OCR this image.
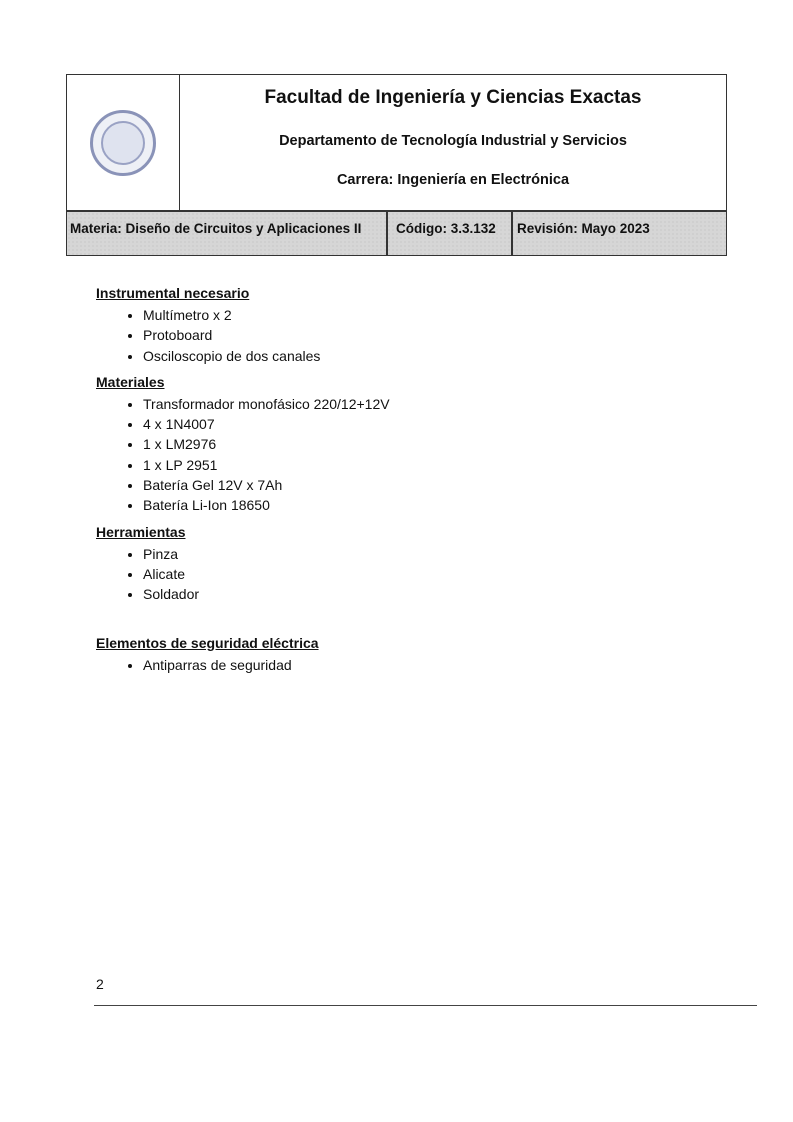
Facultad de Ingeniería y Ciencias Exactas
Departamento de Tecnología Industrial y Servicios
Carrera: Ingeniería en Electrónica
Materia: Diseño de Circuitos y Aplicaciones II	Código: 3.3.132	Revisión: Mayo 2023
Instrumental necesario
• Multímetro x 2
• Protoboard
• Osciloscopio de dos canales
Materiales
• Transformador monofásico 220/12+12V
• 4 x 1N4007
• 1 x LM2976
• 1 x LP 2951
• Batería Gel 12V x 7Ah
• Batería Li-Ion 18650
Herramientas
• Pinza
• Alicate
• Soldador
Elementos de seguridad eléctrica
• Antiparras de seguridad
2
